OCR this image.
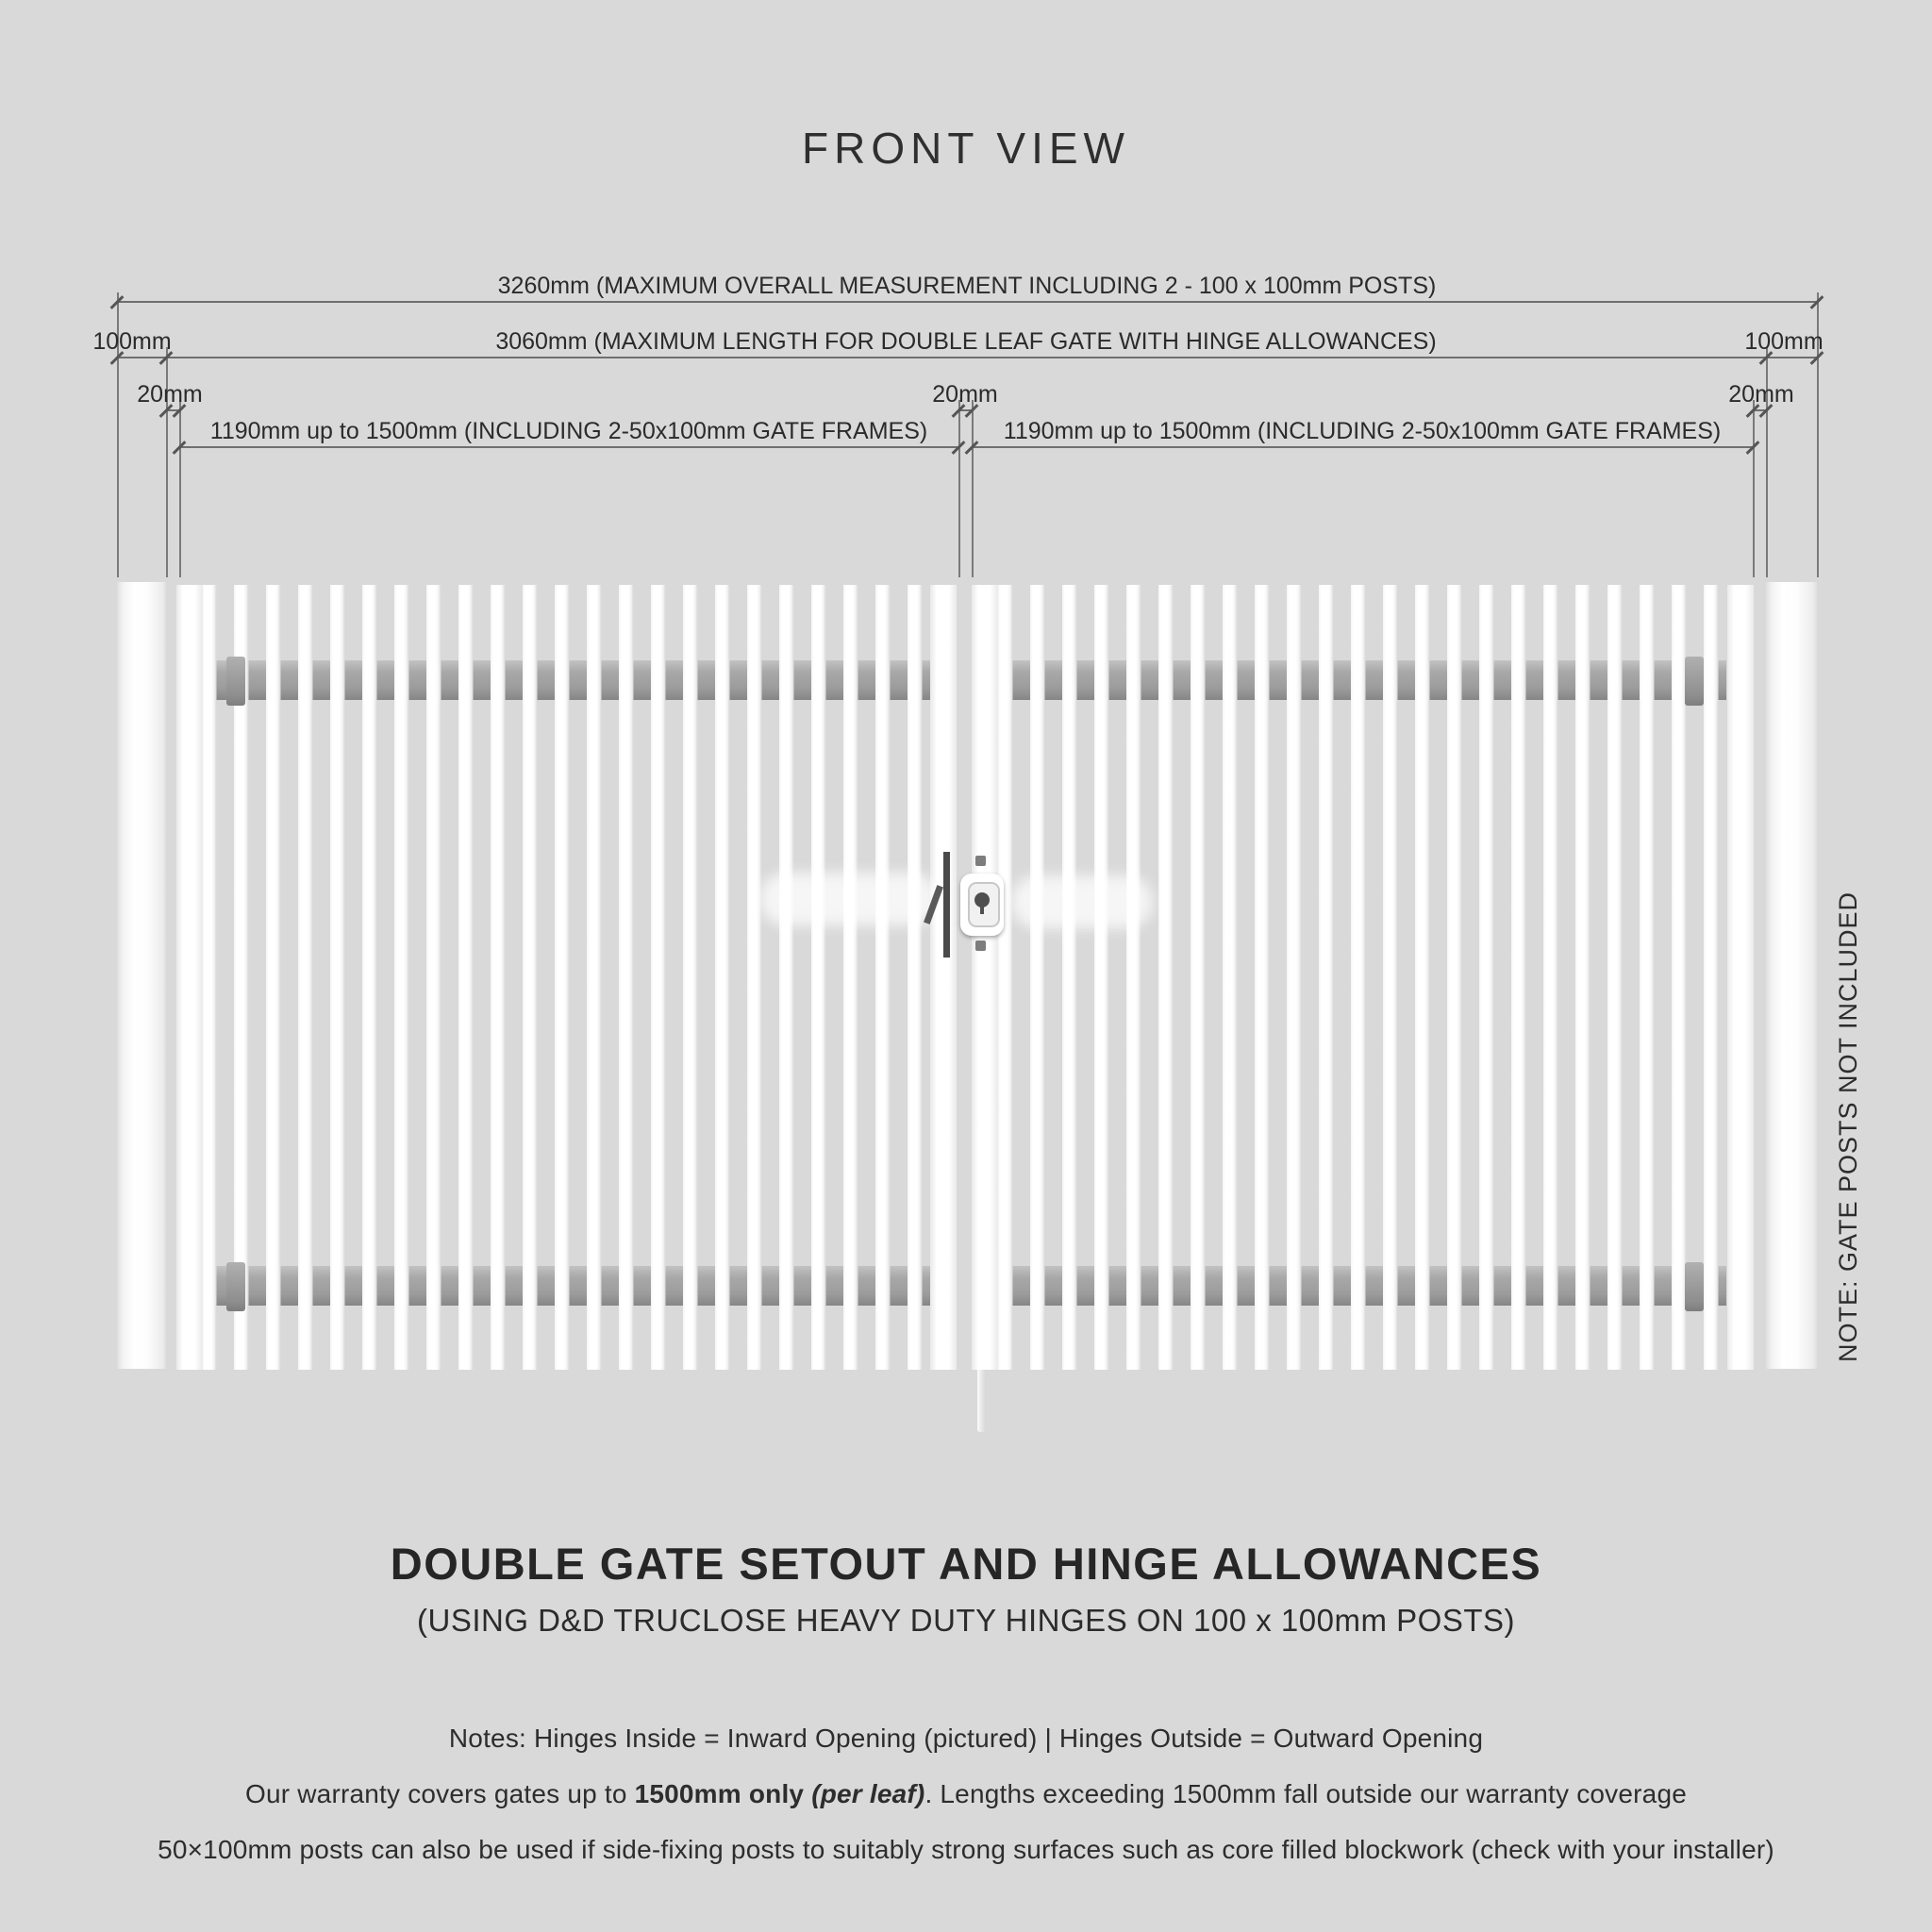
FRONT VIEW
3260mm (MAXIMUM OVERALL MEASUREMENT INCLUDING 2 - 100 x 100mm POSTS)
100mm	3060mm (MAXIMUM LENGTH FOR DOUBLE LEAF GATE WITH HINGE ALLOWANCES)	100mm
20mm	20mm	20mm
1190mm up to 1500mm (INCLUDING 2-50x100mm GATE FRAMES)	1190mm up to 1500mm (INCLUDING 2-50x100mm GATE FRAMES)
NOTE: GATE POSTS NOT INCLUDED
DOUBLE GATE SETOUT AND HINGE ALLOWANCES
(USING D&D TRUCLOSE HEAVY DUTY HINGES ON 100 x 100mm POSTS)
Notes: Hinges Inside = Inward Opening (pictured) | Hinges Outside = Outward Opening
Our warranty covers gates up to 1500mm only (per leaf). Lengths exceeding 1500mm fall outside our warranty coverage
50×100mm posts can also be used if side-fixing posts to suitably strong surfaces such as core filled blockwork (check with your installer)
